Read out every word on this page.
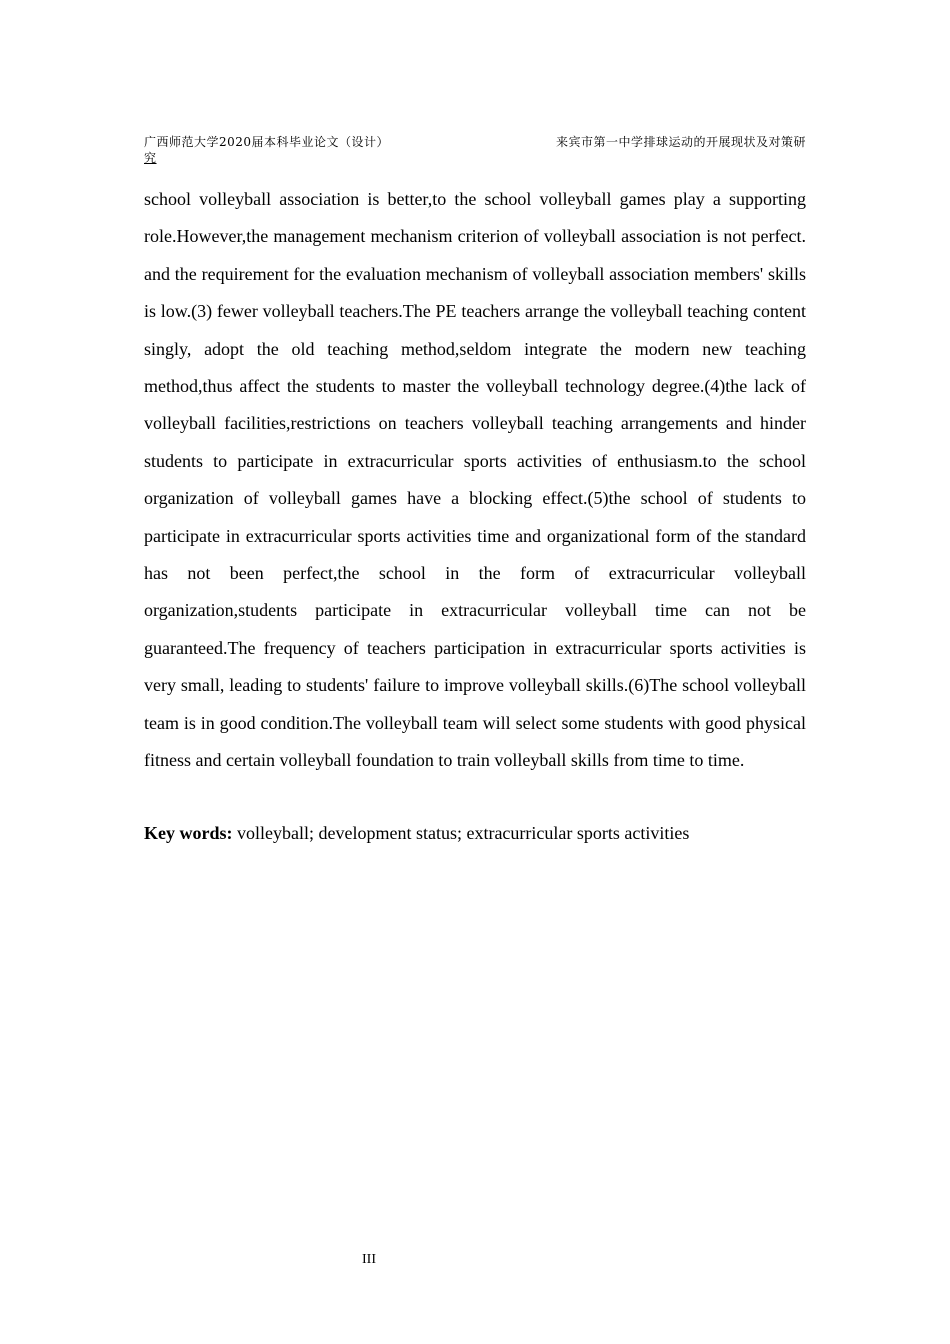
广西师范大学2020届本科毕业论文（设计）	来宾市第一中学排球运动的开展现状及对策研
究

school volleyball association is better,to the school volleyball games play a supporting role.However,the management mechanism criterion of volleyball association is not perfect. and the requirement for the evaluation mechanism of volleyball association members' skills is low.(3) fewer volleyball teachers.The PE teachers arrange the volleyball teaching content singly, adopt the old teaching method,seldom integrate the modern new teaching method,thus affect the students to master the volleyball technology degree.(4)the lack of volleyball facilities,restrictions on teachers volleyball teaching arrangements and hinder students to participate in extracurricular sports activities of enthusiasm.to the school organization of volleyball games have a blocking effect.(5)the school of students to participate in extracurricular sports activities time and organizational form of the standard has not been perfect,the school in the form of extracurricular volleyball organization,students participate in extracurricular volleyball time can not be guaranteed.The frequency of teachers participation in extracurricular sports activities is very small, leading to students' failure to improve volleyball skills.(6)The school volleyball team is in good condition.The volleyball team will select some students with good physical fitness and certain volleyball foundation to train volleyball skills from time to time.

Key words: volleyball; development status; extracurricular sports activities

III
